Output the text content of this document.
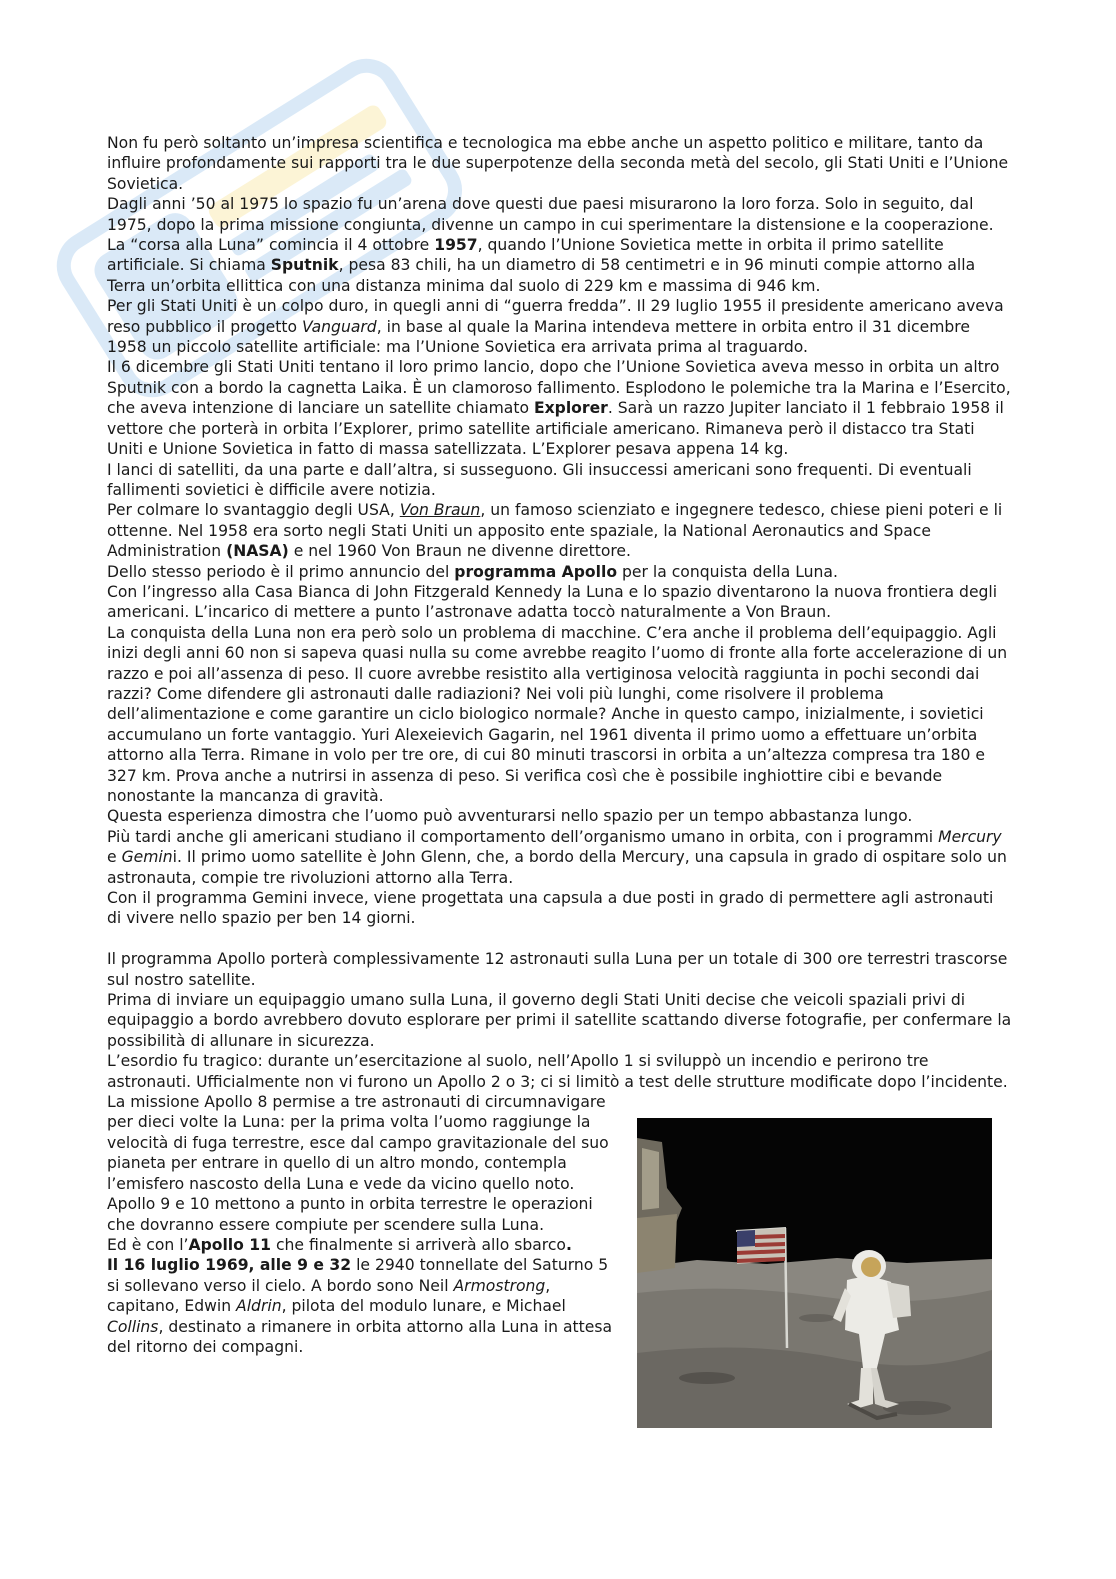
Non fu però soltanto un’impresa scientifica e tecnologica ma ebbe anche un aspetto politico e militare, tanto da influire profondamente sui rapporti tra le due superpotenze della seconda metà del secolo, gli Stati Uniti e l’Unione Sovietica.

Dagli anni ’50 al 1975 lo spazio fu un’arena dove questi due paesi misurarono la loro forza. Solo in seguito, dal 1975, dopo la prima missione congiunta, divenne un campo in cui sperimentare la distensione e la cooperazione.

La “corsa alla Luna” comincia il 4 ottobre 1957, quando l’Unione Sovietica mette in orbita il primo satellite artificiale. Si chiama Sputnik, pesa 83 chili, ha un diametro di 58 centimetri e in 96 minuti compie attorno alla Terra un’orbita ellittica con una distanza minima dal suolo di 229 km e massima di 946 km.

Per gli Stati Uniti è un colpo duro, in quegli anni di “guerra fredda”. Il 29 luglio 1955 il presidente americano aveva reso pubblico il progetto Vanguard, in base al quale la Marina intendeva mettere in orbita entro il 31 dicembre 1958 un piccolo satellite artificiale: ma l’Unione Sovietica era arrivata prima al traguardo.

Il 6 dicembre gli Stati Uniti tentano il loro primo lancio, dopo che l’Unione Sovietica aveva messo in orbita un altro Sputnik con a bordo la cagnetta Laika. È un clamoroso fallimento. Esplodono le polemiche tra la Marina e l’Esercito, che aveva intenzione di lanciare un satellite chiamato Explorer. Sarà un razzo Jupiter lanciato il 1 febbraio 1958 il vettore che porterà in orbita l’Explorer, primo satellite artificiale americano. Rimaneva però il distacco tra Stati Uniti e Unione Sovietica in fatto di massa satellizzata. L’Explorer pesava appena 14 kg.

I lanci di satelliti, da una parte e dall’altra, si susseguono. Gli insuccessi americani sono frequenti. Di eventuali fallimenti sovietici è difficile avere notizia.

Per colmare lo svantaggio degli USA, Von Braun, un famoso scienziato e ingegnere tedesco, chiese pieni poteri e li ottenne. Nel 1958 era sorto negli Stati Uniti un apposito ente spaziale, la National Aeronautics and Space Administration (NASA) e nel 1960 Von Braun ne divenne direttore.

Dello stesso periodo è il primo annuncio del programma Apollo per la conquista della Luna.

Con l’ingresso alla Casa Bianca di John Fitzgerald Kennedy la Luna e lo spazio diventarono la nuova frontiera degli americani. L’incarico di mettere a punto l’astronave adatta toccò naturalmente a Von Braun.

La conquista della Luna non era però solo un problema di macchine. C’era anche il problema dell’equipaggio. Agli inizi degli anni 60 non si sapeva quasi nulla su come avrebbe reagito l’uomo di fronte alla forte accelerazione di un razzo e poi all’assenza di peso. Il cuore avrebbe resistito alla vertiginosa velocità raggiunta in pochi secondi dai razzi? Come difendere gli astronauti dalle radiazioni? Nei voli più lunghi, come risolvere il problema dell’alimentazione e come garantire un ciclo biologico normale? Anche in questo campo, inizialmente, i sovietici accumulano un forte vantaggio. Yuri Alexeievich Gagarin, nel 1961 diventa il primo uomo a effettuare un’orbita attorno alla Terra. Rimane in volo per tre ore, di cui 80 minuti trascorsi in orbita a un’altezza compresa tra 180 e 327 km. Prova anche a nutrirsi in assenza di peso. Si verifica così che è possibile inghiottire cibi e bevande nonostante la mancanza di gravità.

Questa esperienza dimostra che l’uomo può avventurarsi nello spazio per un tempo abbastanza lungo.

Più tardi anche gli americani studiano il comportamento dell’organismo umano in orbita, con i programmi Mercury e Gemini. Il primo uomo satellite è John Glenn, che, a bordo della Mercury, una capsula in grado di ospitare solo un astronauta, compie tre rivoluzioni attorno alla Terra.

Con il programma Gemini invece, viene progettata una capsula a due posti in grado di permettere agli astronauti di vivere nello spazio per ben 14 giorni.

Il programma Apollo porterà complessivamente 12 astronauti sulla Luna per un totale di 300 ore terrestri trascorse sul nostro satellite.

Prima di inviare un equipaggio umano sulla Luna, il governo degli Stati Uniti decise che veicoli spaziali privi di equipaggio a bordo avrebbero dovuto esplorare per primi il satellite scattando diverse fotografie, per confermare la possibilità di allunare in sicurezza.

L’esordio fu tragico: durante un’esercitazione al suolo, nell’Apollo 1 si sviluppò un incendio e perirono tre astronauti. Ufficialmente non vi furono un Apollo 2 o 3; ci si limitò a test delle strutture modificate dopo l’incidente.

La missione Apollo 8 permise a tre astronauti di circumnavigare per dieci volte la Luna: per la prima volta l’uomo raggiunge la velocità di fuga terrestre, esce dal campo gravitazionale del suo pianeta per entrare in quello di un altro mondo, contempla l’emisfero nascosto della Luna e vede da vicino quello noto. Apollo 9 e 10 mettono a punto in orbita terrestre le operazioni che dovranno essere compiute per scendere sulla Luna.

Ed è con l’Apollo 11 che finalmente si arriverà allo sbarco.

Il 16 luglio 1969, alle 9 e 32 le 2940 tonnellate del Saturno 5 si sollevano verso il cielo. A bordo sono Neil Armostrong, capitano, Edwin Aldrin, pilota del modulo lunare, e Michael Collins, destinato a rimanere in orbita attorno alla Luna in attesa del ritorno dei compagni.
